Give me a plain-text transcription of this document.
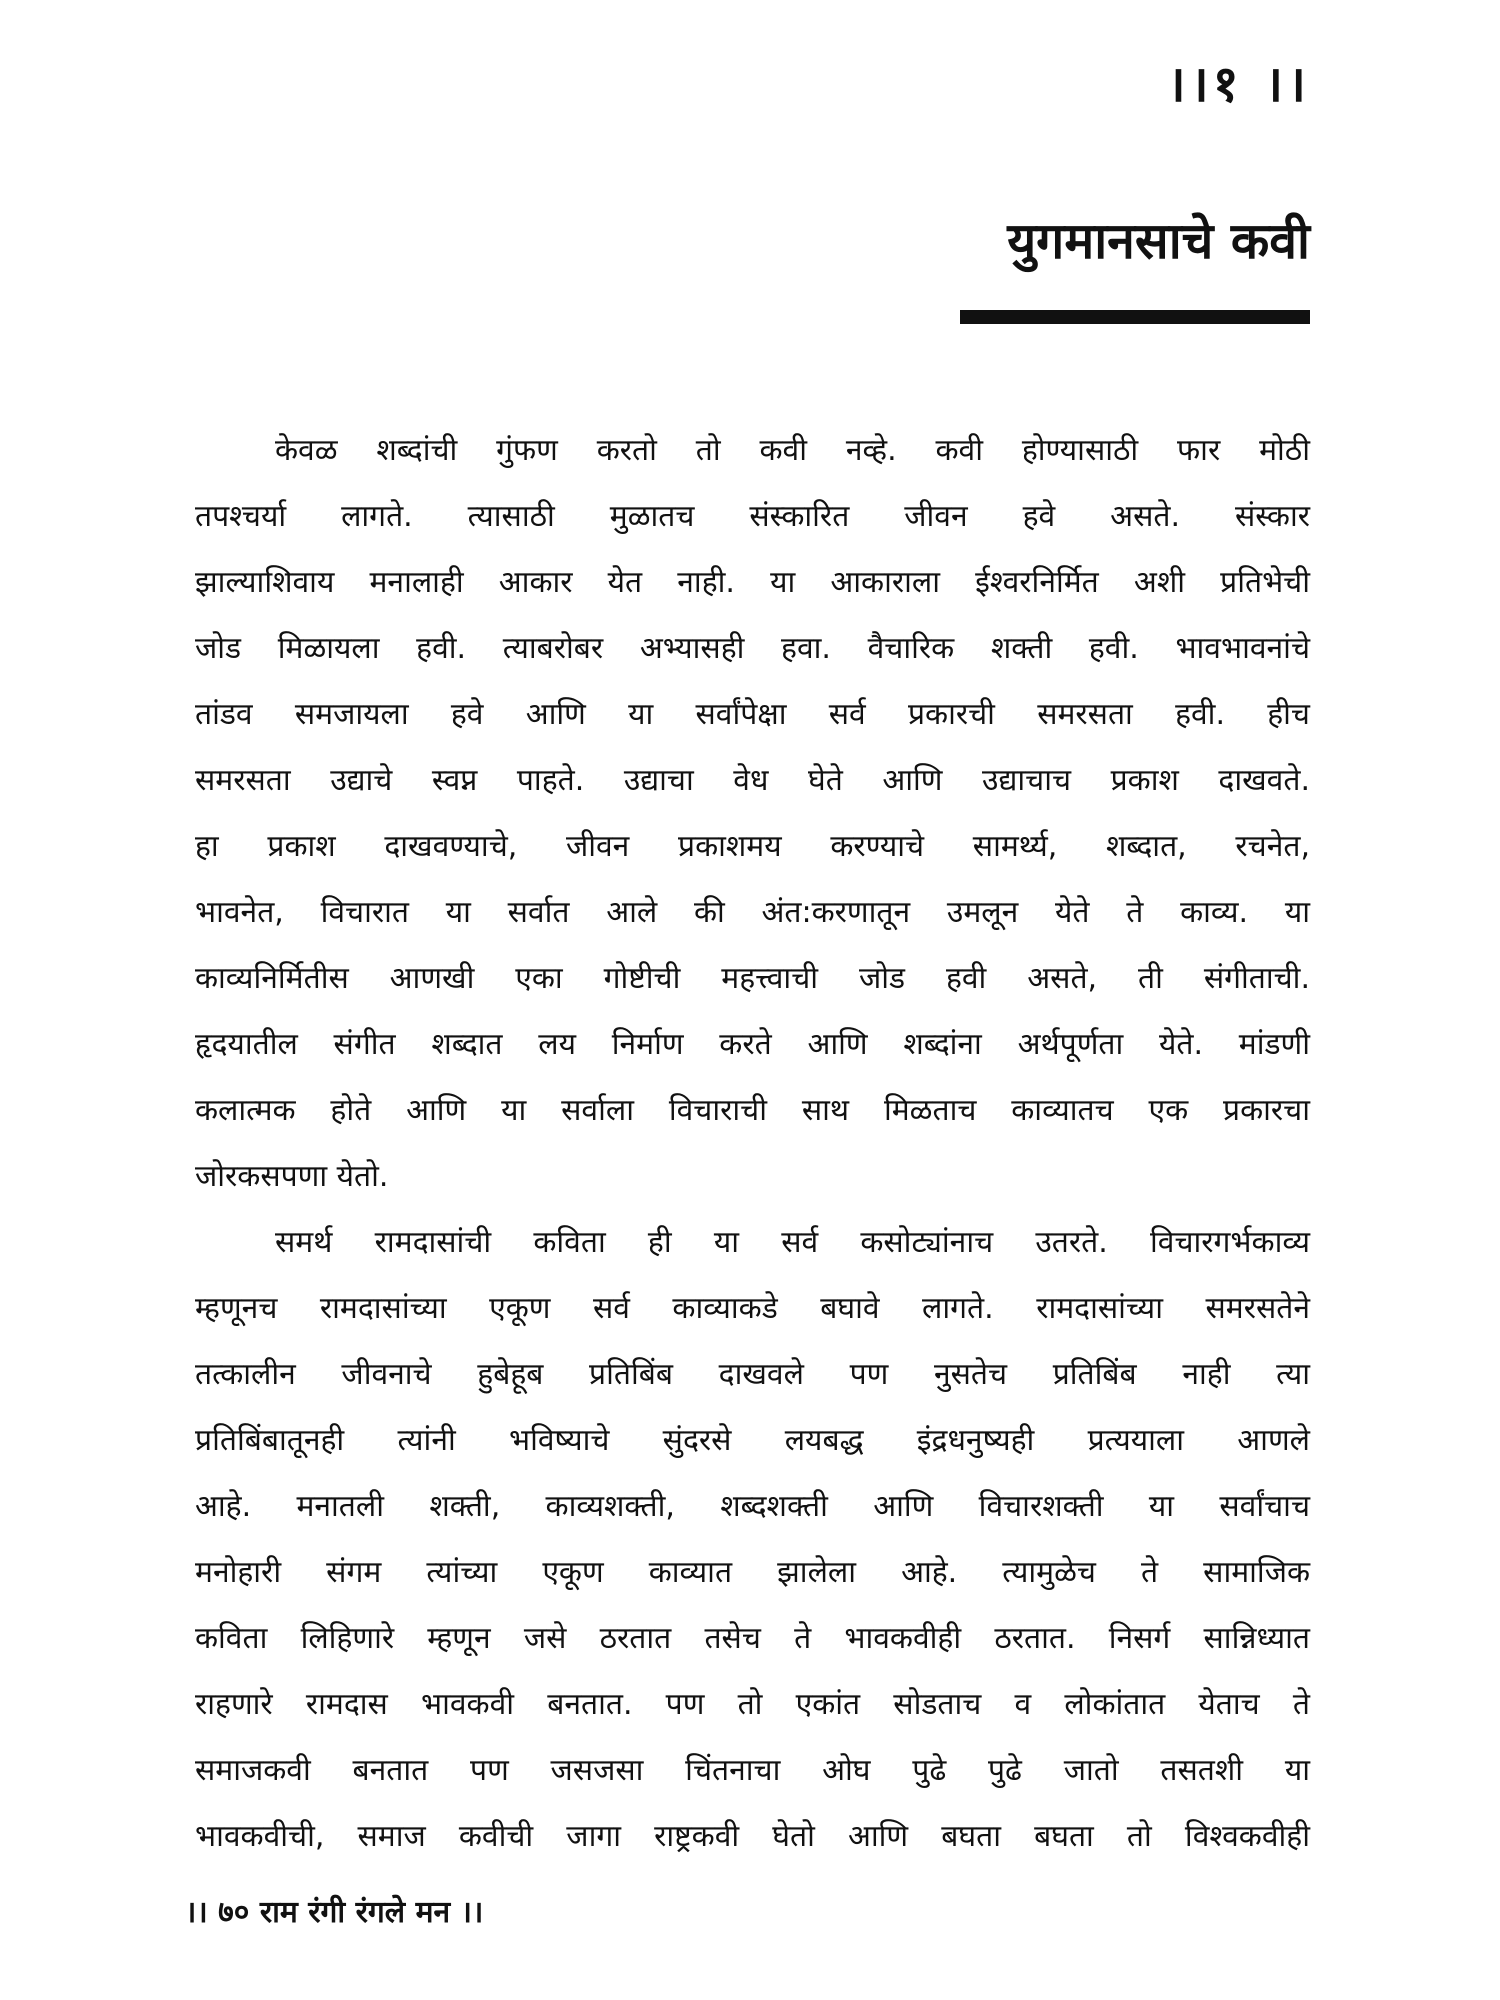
।।१ ।।
युगमानसाचे कवी
केवळ शब्दांची गुंफण करतो तो कवी नव्हे. कवी होण्यासाठी फार मोठी
तपश्चर्या लागते. त्यासाठी मुळातच संस्कारित जीवन हवे असते. संस्कार
झाल्याशिवाय मनालाही आकार येत नाही. या आकाराला ईश्वरनिर्मित अशी प्रतिभेची
जोड मिळायला हवी. त्याबरोबर अभ्यासही हवा. वैचारिक शक्ती हवी. भावभावनांचे
तांडव समजायला हवे आणि या सर्वांपेक्षा सर्व प्रकारची समरसता हवी. हीच
समरसता उद्याचे स्वप्न पाहते. उद्याचा वेध घेते आणि उद्याचाच प्रकाश दाखवते.
हा प्रकाश दाखवण्याचे, जीवन प्रकाशमय करण्याचे सामर्थ्य, शब्दात, रचनेत,
भावनेत, विचारात या सर्वात आले की अंत:करणातून उमलून येते ते काव्य. या
काव्यनिर्मितीस आणखी एका गोष्टीची महत्त्वाची जोड हवी असते, ती संगीताची.
हृदयातील संगीत शब्दात लय निर्माण करते आणि शब्दांना अर्थपूर्णता येते. मांडणी
कलात्मक होते आणि या सर्वाला विचाराची साथ मिळताच काव्यातच एक प्रकारचा
जोरकसपणा येतो.
समर्थ रामदासांची कविता ही या सर्व कसोट्यांनाच उतरते. विचारगर्भकाव्य
म्हणूनच रामदासांच्या एकूण सर्व काव्याकडे बघावे लागते. रामदासांच्या समरसतेने
तत्कालीन जीवनाचे हुबेहूब प्रतिबिंब दाखवले पण नुसतेच प्रतिबिंब नाही त्या
प्रतिबिंबातूनही त्यांनी भविष्याचे सुंदरसे लयबद्ध इंद्रधनुष्यही प्रत्ययाला आणले
आहे. मनातली शक्ती, काव्यशक्ती, शब्दशक्ती आणि विचारशक्ती या सर्वांचाच
मनोहारी संगम त्यांच्या एकूण काव्यात झालेला आहे. त्यामुळेच ते सामाजिक
कविता लिहिणारे म्हणून जसे ठरतात तसेच ते भावकवीही ठरतात. निसर्ग सान्निध्यात
राहणारे रामदास भावकवी बनतात. पण तो एकांत सोडताच व लोकांतात येताच ते
समाजकवी बनतात पण जसजसा चिंतनाचा ओघ पुढे पुढे जातो तसतशी या
भावकवीची, समाज कवीची जागा राष्ट्रकवी घेतो आणि बघता बघता तो विश्वकवीही
।। ७० राम रंगी रंगले मन ।।
